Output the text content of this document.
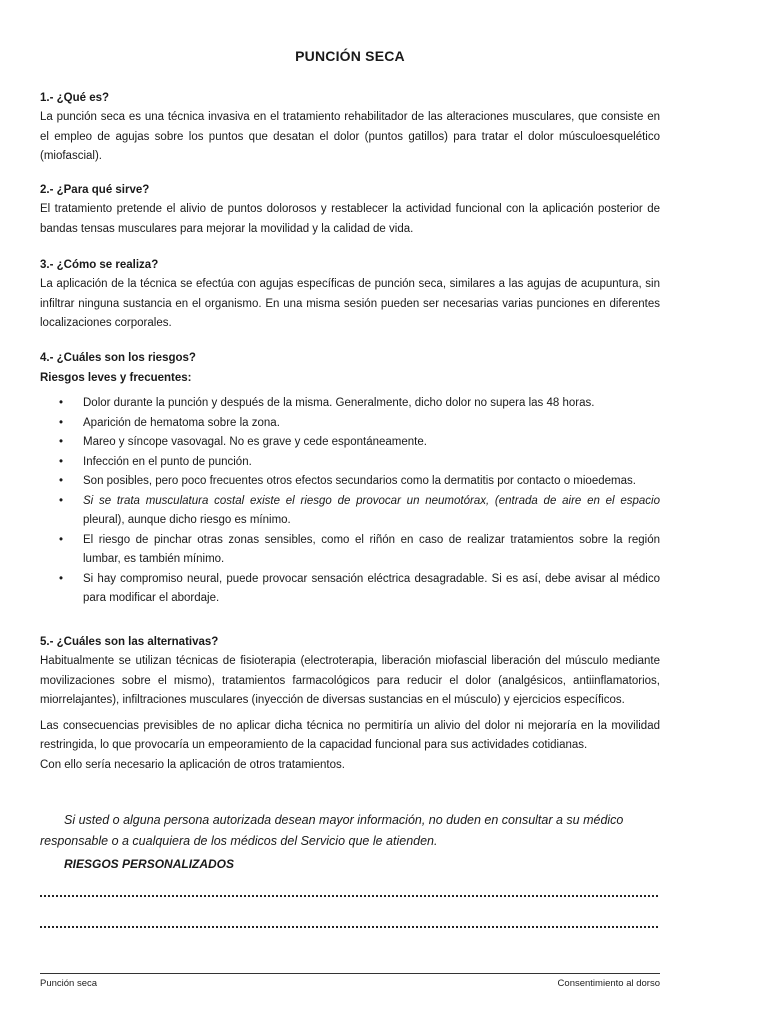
PUNCIÓN SECA

1.- ¿Qué es?

La punción seca es una técnica invasiva en el tratamiento rehabilitador de las alteraciones musculares, que consiste en el empleo de agujas sobre los puntos que desatan el dolor (puntos gatillos) para tratar el dolor músculoesquelético (miofascial).

2.- ¿Para qué sirve?

El tratamiento pretende el alivio de puntos dolorosos y restablecer la actividad funcional con la aplicación posterior de bandas tensas musculares para mejorar la movilidad y la calidad de vida.

3.- ¿Cómo se realiza?

La aplicación de la técnica se efectúa con agujas específicas de punción seca, similares a las agujas de acupuntura, sin infiltrar ninguna sustancia en el organismo. En una misma sesión pueden ser necesarias varias punciones en diferentes localizaciones corporales.

4.- ¿Cuáles son los riesgos?

Riesgos leves y frecuentes:

• Dolor durante la punción y después de la misma. Generalmente, dicho dolor no supera las 48 horas.
• Aparición de hematoma sobre la zona.
• Mareo y síncope vasovagal. No es grave y cede espontáneamente.
• Infección en el punto de punción.
• Son posibles, pero poco frecuentes otros efectos secundarios como la dermatitis por contacto o mioedemas.
• Si se trata musculatura costal existe el riesgo de provocar un neumotórax, (entrada de aire en el espacio pleural), aunque dicho riesgo es mínimo.
• El riesgo de pinchar otras zonas sensibles, como el riñón en caso de realizar tratamientos sobre la región lumbar, es también mínimo.
• Si hay compromiso neural, puede provocar sensación eléctrica desagradable. Si es así, debe avisar al médico para modificar el abordaje.

5.- ¿Cuáles son las alternativas?

Habitualmente se utilizan técnicas de fisioterapia (electroterapia, liberación miofascial liberación del músculo mediante movilizaciones sobre el mismo), tratamientos farmacológicos para reducir el dolor (analgésicos, antiinflamatorios, miorrelajantes), infiltraciones musculares (inyección de diversas sustancias en el músculo) y ejercicios específicos.

Las consecuencias previsibles de no aplicar dicha técnica no permitiría un alivio del dolor ni mejoraría en la movilidad restringida, lo que provocaría un empeoramiento de la capacidad funcional para sus actividades cotidianas.

Con ello sería necesario la aplicación de otros tratamientos.

Si usted o alguna persona autorizada desean mayor información, no duden en consultar a su médico responsable o a cualquiera de los médicos del Servicio que le atienden.

RIESGOS PERSONALIZADOS

Punción seca	Consentimiento al dorso
